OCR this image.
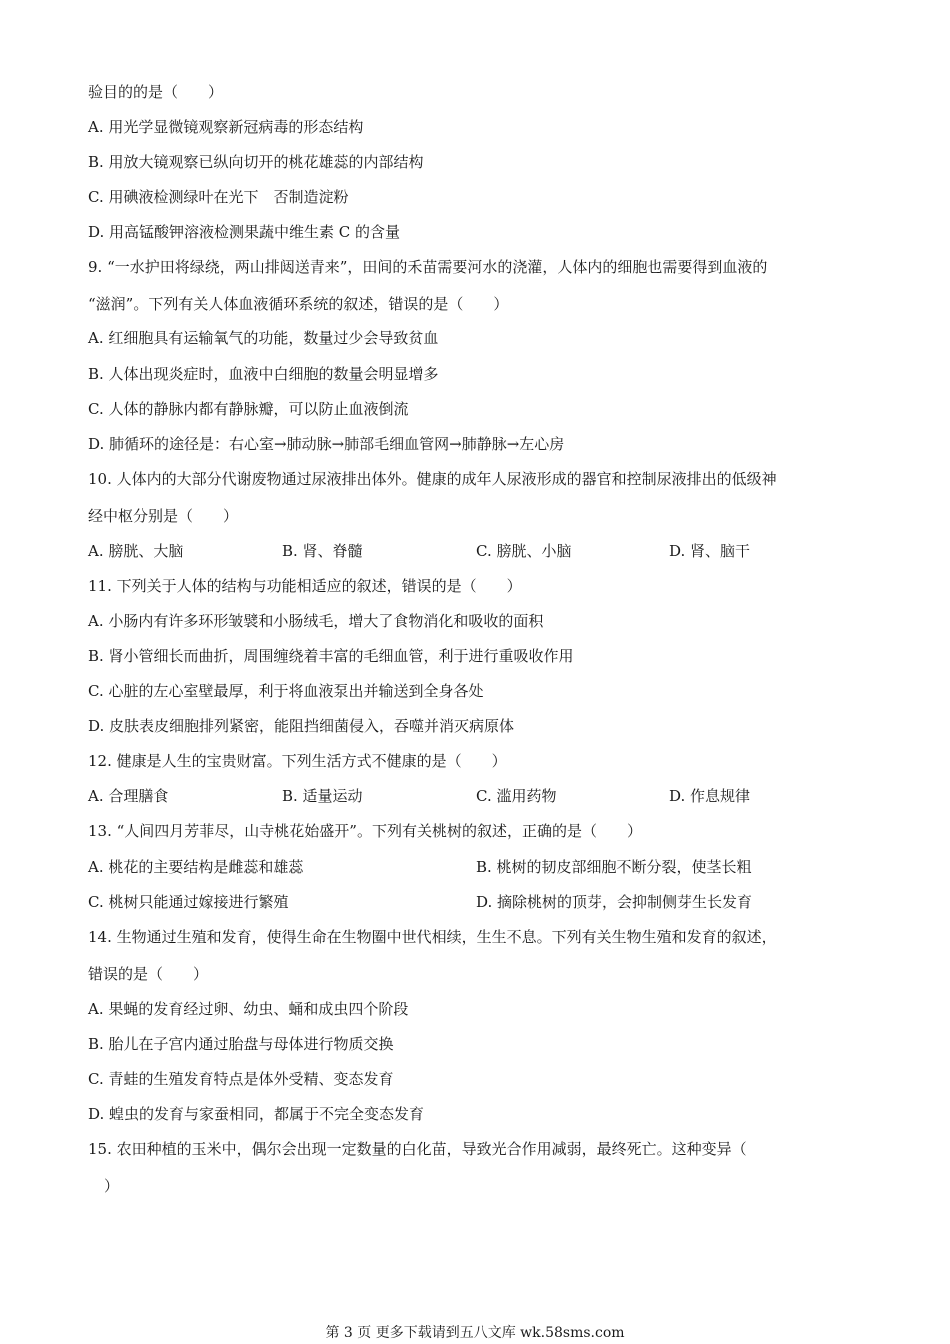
验目的的是（　　）
A. 用光学显微镜观察新冠病毒的形态结构
B. 用放大镜观察已纵向切开的桃花雄蕊的内部结构
C. 用碘液检测绿叶在光下　否制造淀粉
D. 用高锰酸钾溶液检测果蔬中维生素 C 的含量
9. “一水护田将绿绕，两山排闼送青来”，田间的禾苗需要河水的浇灌，人体内的细胞也需要得到血液的
“滋润”。下列有关人体血液循环系统的叙述，错误的是（　　）
A. 红细胞具有运输氧气的功能，数量过少会导致贫血
B. 人体出现炎症时，血液中白细胞的数量会明显增多
C. 人体的静脉内都有静脉瓣，可以防止血液倒流
D. 肺循环的途径是：右心室→肺动脉→肺部毛细血管网→肺静脉→左心房
10. 人体内的大部分代谢废物通过尿液排出体外。健康的成年人尿液形成的器官和控制尿液排出的低级神
经中枢分别是（　　）
A. 膀胱、大脑	B. 肾、脊髓	C. 膀胱、小脑	D. 肾、脑干
11. 下列关于人体的结构与功能相适应的叙述，错误的是（　　）
A. 小肠内有许多环形皱襞和小肠绒毛，增大了食物消化和吸收的面积
B. 肾小管细长而曲折，周围缠绕着丰富的毛细血管，利于进行重吸收作用
C. 心脏的左心室壁最厚，利于将血液泵出并输送到全身各处
D. 皮肤表皮细胞排列紧密，能阻挡细菌侵入，吞噬并消灭病原体
12. 健康是人生的宝贵财富。下列生活方式不健康的是（　　）
A. 合理膳食	B. 适量运动	C. 滥用药物	D. 作息规律
13. “人间四月芳菲尽，山寺桃花始盛开”。下列有关桃树的叙述，正确的是（　　）
A. 桃花的主要结构是雌蕊和雄蕊	B. 桃树的韧皮部细胞不断分裂，使茎长粗
C. 桃树只能通过嫁接进行繁殖	D. 摘除桃树的顶芽，会抑制侧芽生长发育
14. 生物通过生殖和发育，使得生命在生物圈中世代相续，生生不息。下列有关生物生殖和发育的叙述，
错误的是（　　）
A. 果蝇的发育经过卵、幼虫、蛹和成虫四个阶段
B. 胎儿在子宫内通过胎盘与母体进行物质交换
C. 青蛙的生殖发育特点是体外受精、变态发育
D. 蝗虫的发育与家蚕相同，都属于不完全变态发育
15. 农田种植的玉米中，偶尔会出现一定数量的白化苗，导致光合作用减弱，最终死亡。这种变异（
）
第 3 页 更多下载请到五八文库 wk.58sms.com
